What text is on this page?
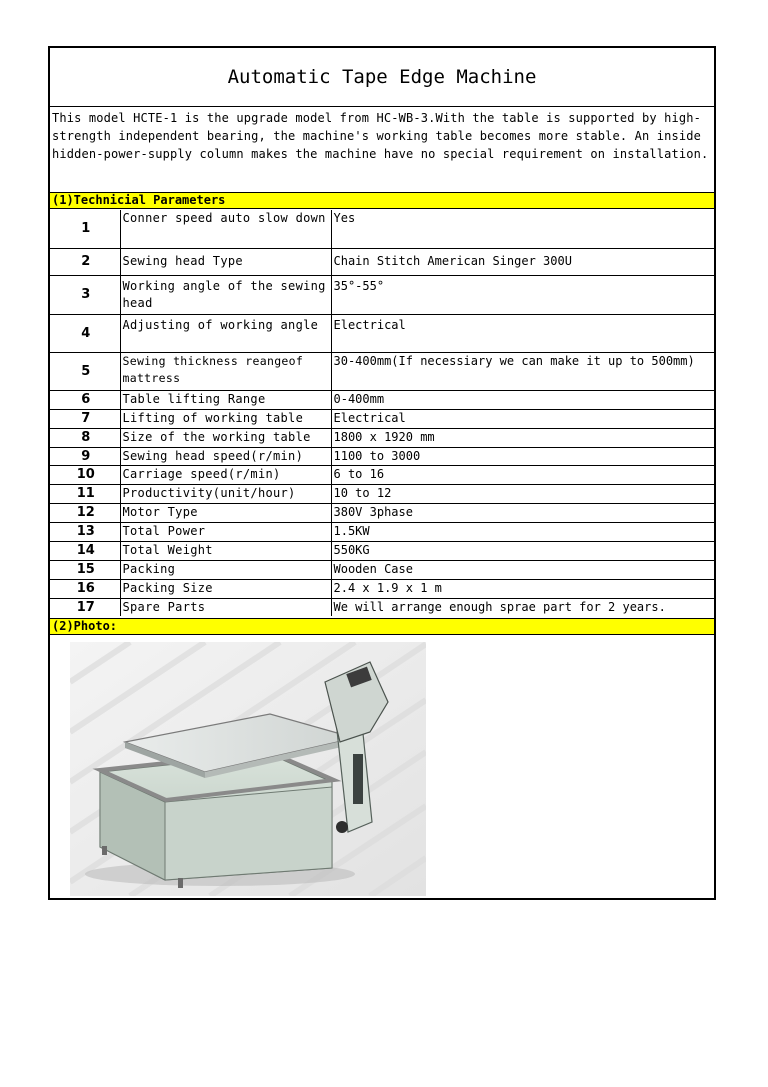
Automatic Tape Edge Machine
This model HCTE-1 is the upgrade model from HC-WB-3.With the table is supported by high-strength independent bearing, the machine's working table becomes more stable. An inside hidden-power-supply column makes the machine have no special requirement on installation.
(1)Technicial Parameters
1	Conner speed auto slow down	Yes
2	Sewing head Type	Chain Stitch American Singer 300U
3	Working angle of the sewing head	35°-55°
4	Adjusting of working angle	Electrical
5	Sewing thickness reangeof mattress	30-400mm(If necessiary we can make it up to 500mm)
6	Table lifting Range	0-400mm
7	Lifting of working table	Electrical
8	Size of the working table	1800 x 1920 mm
9	Sewing head speed(r/min)	1100 to 3000
10	Carriage speed(r/min)	6 to 16
11	Productivity(unit/hour)	10 to 12
12	Motor Type	380V 3phase
13	Total Power	1.5KW
14	Total Weight	550KG
15	Packing	Wooden Case
16	Packing Size	2.4 x 1.9 x 1 m
17	Spare Parts	We will arrange enough sprae part for 2 years.
(2)Photo:
